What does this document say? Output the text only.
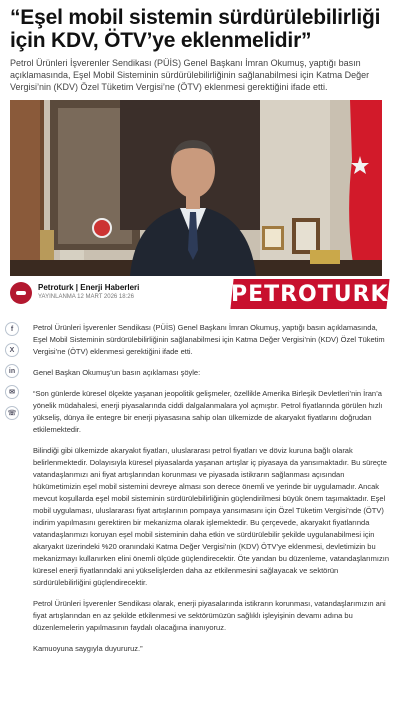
“Eşel mobil sistemin sürdürülebilirliği için KDV, ÖTV’ye eklenmelidir”

Petrol Ürünleri İşverenler Sendikası (PÜİS) Genel Başkanı İmran Okumuş, yaptığı basın açıklamasında, Eşel Mobil Sisteminin sürdürülebilirliğinin sağlanabilmesi için Katma Değer Vergisi’nin (KDV) Özel Tüketim Vergisi’ne (ÖTV) eklenmesi gerektiğini ifade etti.

Petroturk | Enerji Haberleri
YAYINLANMA 12 MART 2026 18:26	PETROTURK
f
X
in
✉
☏

Petrol Ürünleri İşverenler Sendikası (PÜİS) Genel Başkanı İmran Okumuş, yaptığı basın açıklamasında, Eşel Mobil Sisteminin sürdürülebilirliğinin sağlanabilmesi için Katma Değer Vergisi’nin (KDV) Özel Tüketim Vergisi’ne (ÖTV) eklenmesi gerektiğini ifade etti.

Genel Başkan Okumuş’un basın açıklaması şöyle:

“Son günlerde küresel ölçekte yaşanan jeopolitik gelişmeler, özellikle Amerika Birleşik Devletleri’nin İran’a yönelik müdahalesi, enerji piyasalarında ciddi dalgalanmalara yol açmıştır. Petrol fiyatlarında görülen hızlı yükseliş, dünya ile entegre bir enerji piyasasına sahip olan ülkemizde de akaryakıt fiyatlarını doğrudan etkilemektedir.

Bilindiği gibi ülkemizde akaryakıt fiyatları, uluslararası petrol fiyatları ve döviz kuruna bağlı olarak belirlenmektedir. Dolayısıyla küresel piyasalarda yaşanan artışlar iç piyasaya da yansımaktadır. Bu süreçte vatandaşlarımızı ani fiyat artışlarından korunması ve piyasada istikrarın sağlanması açısından hükümetimizin eşel mobil sistemini devreye alması son derece önemli ve yerinde bir uygulamadır. Ancak mevcut koşullarda eşel mobil sisteminin sürdürülebilirliğinin güçlendirilmesi büyük önem taşımaktadır. Eşel mobil uygulaması, uluslararası fiyat artışlarının pompaya yansımasını için Özel Tüketim Vergisi’nde (ÖTV) indirim yapılmasını gerektiren bir mekanizma olarak işlemektedir. Bu çerçevede, akaryakıt fiyatlarında vatandaşlarımızı koruyan eşel mobil sisteminin daha etkin ve sürdürülebilir şekilde uygulanabilmesi için akaryakıt üzerindeki %20 oranındaki Katma Değer Vergisi’nin (KDV) ÖTV’ye eklenmesi, devletimizin bu mekanizmayı kullanırken elini önemli ölçüde güçlendirecektir. Öte yandan bu düzenleme, vatandaşlarımızın küresel enerji fiyatlarındaki ani yükselişlerden daha az etkilenmesini sağlayacak ve sektörün sürdürülebilirliğini güçlendirecektir.

Petrol Ürünleri İşverenler Sendikası olarak, enerji piyasalarında istikrarın korunması, vatandaşlarımızın ani fiyat artışlarından en az şekilde etkilenmesi ve sektörümüzün sağlıklı işleyişinin devamı adına bu düzenlemelerin yapılmasının faydalı olacağına inanıyoruz.

Kamuoyuna saygıyla duyururuz.”
